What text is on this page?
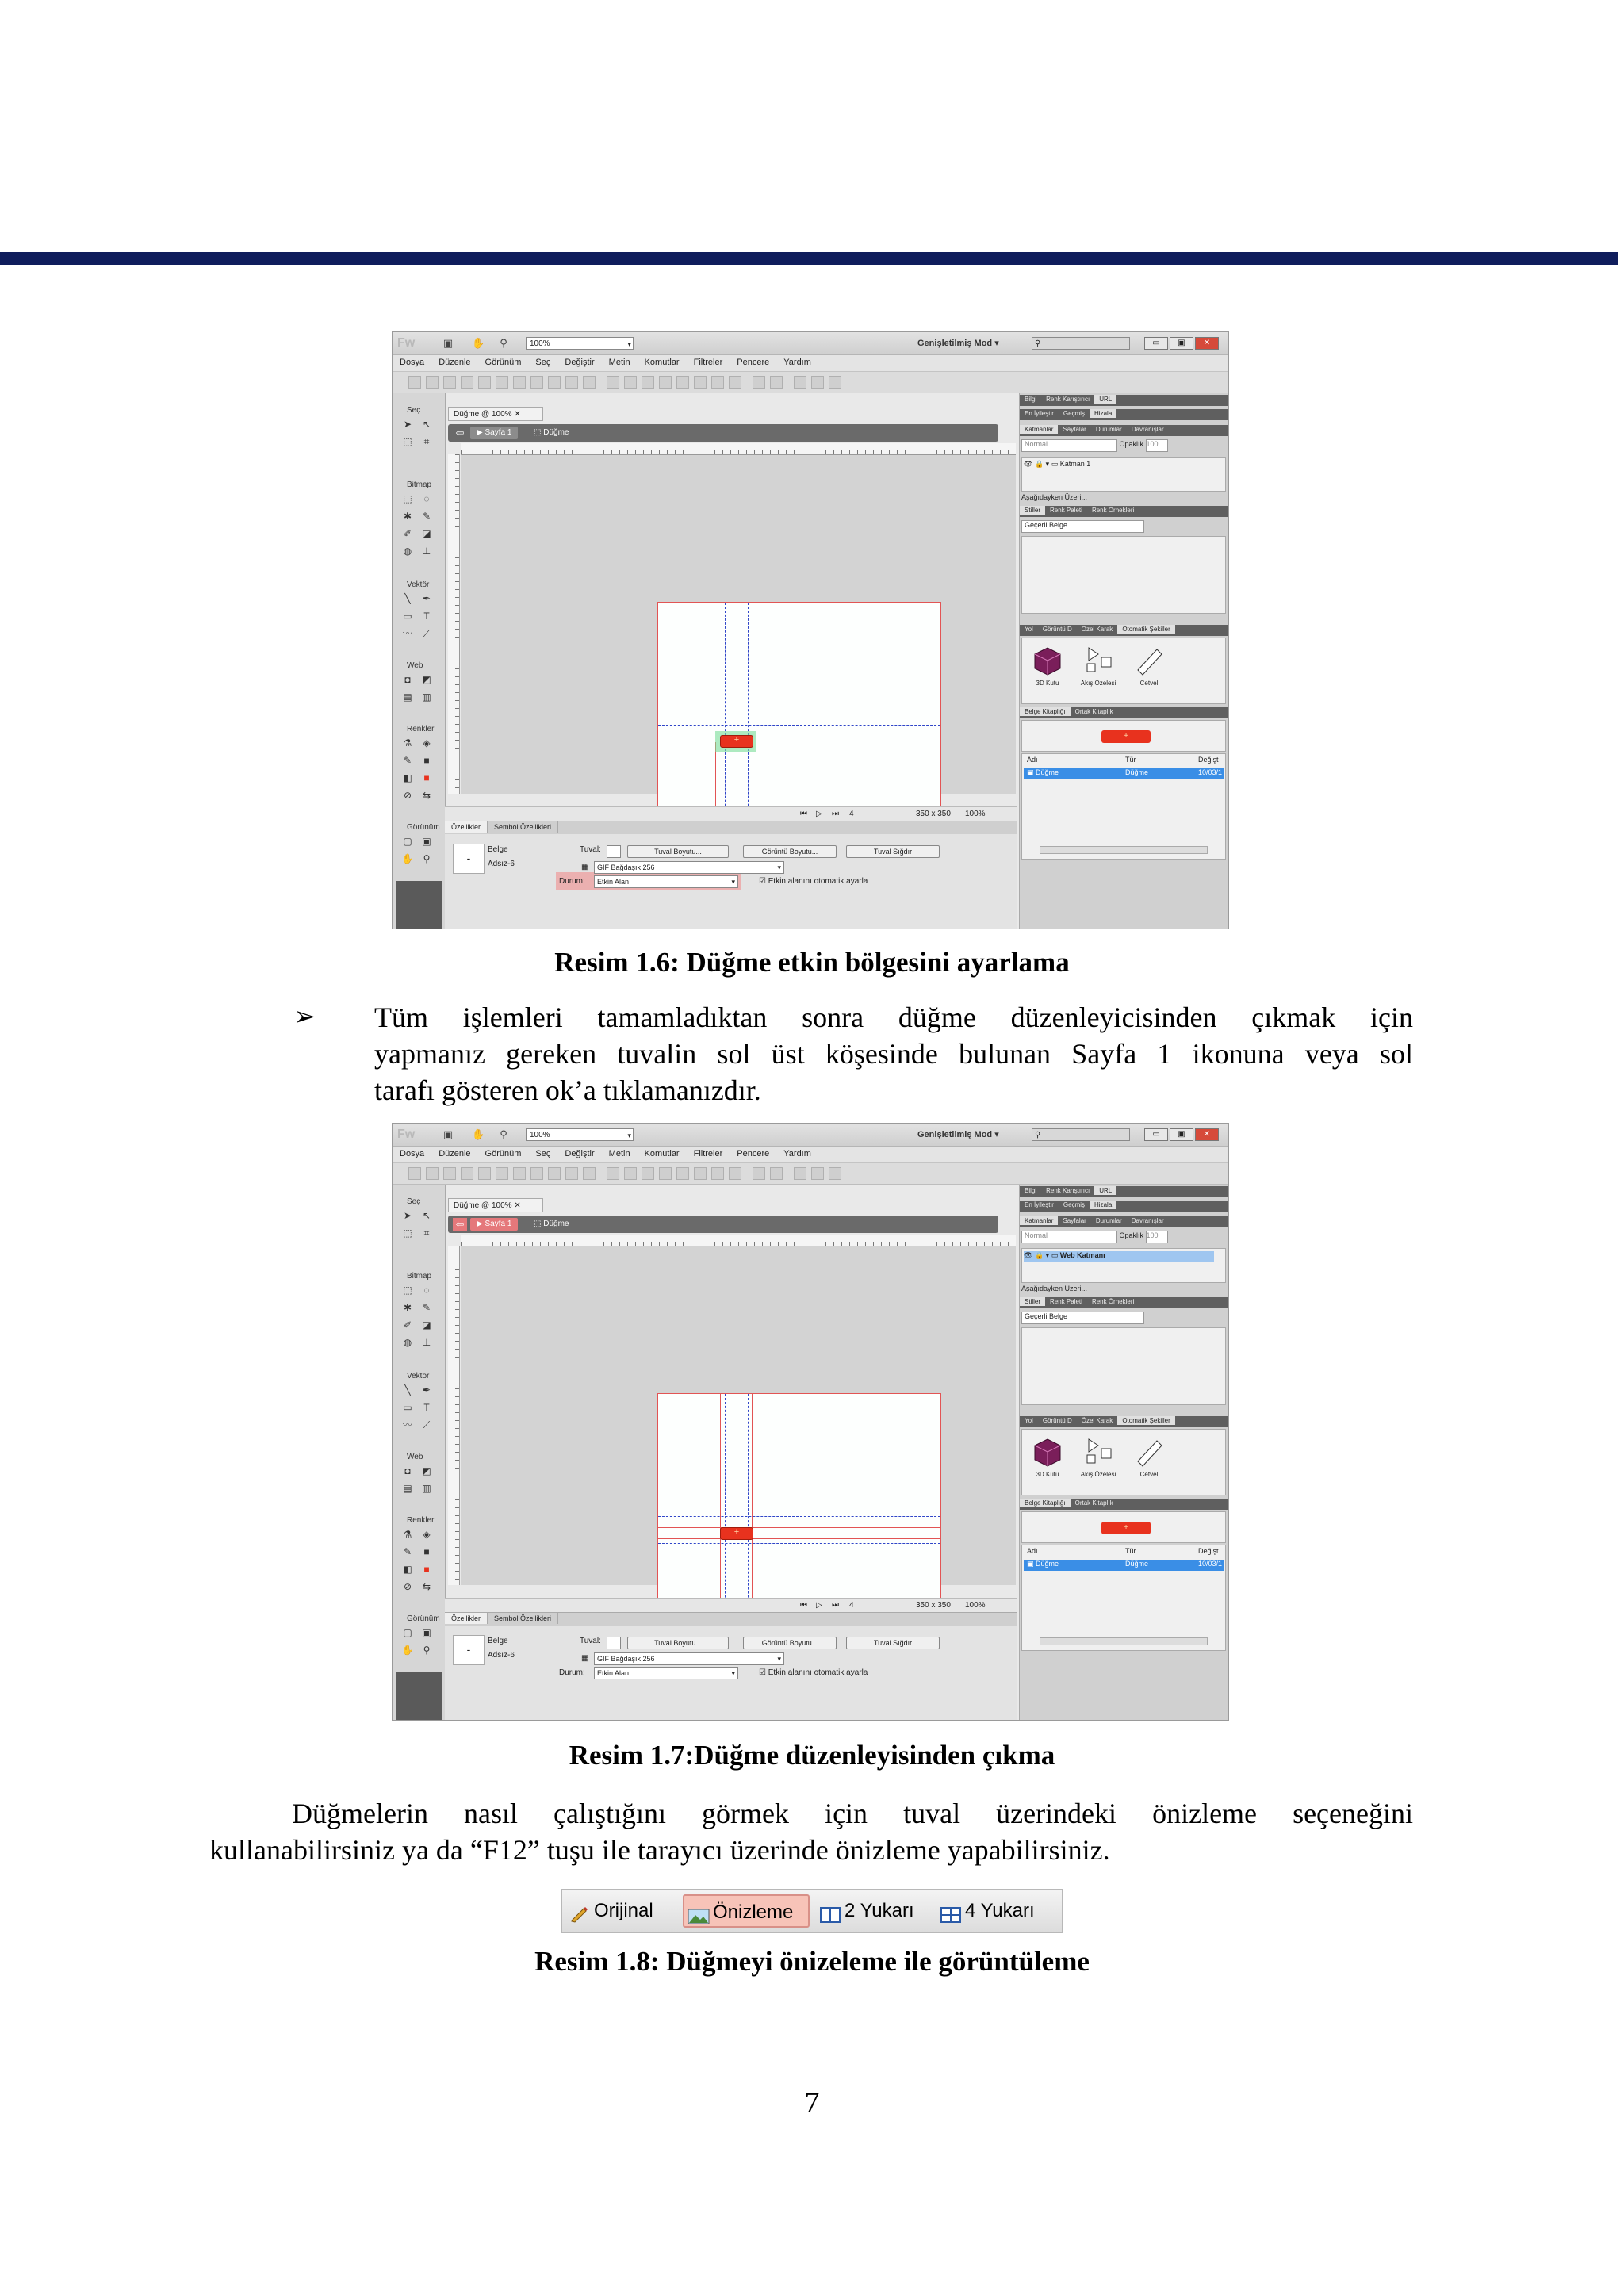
Fw	▣ ✋ ⚲	100%	▾	Genişletilmiş Mod ▾	⚲	▭	▣	✕
Dosya Düzenle Görünüm Seç Değiştir Metin Komutlar Filtreler Pencere Yardım
Seç
➤	↖
⬚	⌗
Bitmap
⬚	◌
✱	✎
✐	◪
◍	⊥
Vektör
╲	✒
▭	T
〰	⟋
Web
◘	◩
▤ ▥
Renkler
⚗	◈
✎	■
◧	■
⊘	⇆
Görünüm
▢ ▣
✋	⚲
Düğme @ 100% ✕
⇦	▶ Sayfa 1	⬚ Düğme
+
⏮ ▷ ⏭ 4	350 x 350 100%
Özellikler Sembol Özellikleri
-
Belge
Adsız-6
Tuval:	Tuval Boyutu...	Görüntü Boyutu...	Tuval Sığdır
▦	GIF Bağdaşık 256 ▾
Durum:	Etkin Alan ▾	☑ Etkin alanını otomatik ayarla
Bilgi Renk Karıştırıcı URL
En İyileştir Geçmiş Hizala
Katmanlar Sayfalar Durumlar Davranışlar
Normal	Opaklık 100
👁 🔒 ▾ ▭ Katman 1
Aşağıdayken Üzeri...
Stiller Renk Paleti Renk Örnekleri
Geçerli Belge
Yol Görüntü D Özel Karak Otomatik Şekiller
3D Kutu	Akış Özelesi	Cetvel
Belge Kitaplığı Ortak Kitaplık
+
Adı	Tür	Değişt
▣ Düğme	Düğme	10/03/1
Resim 1.6: Düğme etkin bölgesini ayarlama
➢ Tüm işlemleri tamamladıktan sonra düğme düzenleyicisinden çıkmak için
yapmanız gereken tuvalin sol üst köşesinde bulunan Sayfa 1 ikonuna veya sol
tarafı gösteren ok’a tıklamanızdır.
Fw	▣ ✋ ⚲	100%	▾	Genişletilmiş Mod ▾	⚲	▭	▣	✕
Dosya Düzenle Görünüm Seç Değiştir Metin Komutlar Filtreler Pencere Yardım
Seç
➤	↖
⬚	⌗
Bitmap
⬚	◌
✱	✎
✐	◪
◍	⊥
Vektör
╲	✒
▭	T
〰	⟋
Web
◘	◩
▤ ▥
Renkler
⚗	◈
✎	■
◧	■
⊘	⇆
Görünüm
▢ ▣
✋	⚲
Düğme @ 100% ✕
⇦	▶ Sayfa 1	⬚ Düğme
+
⏮ ▷ ⏭ 4	350 x 350 100%
Özellikler Sembol Özellikleri
-
Belge
Adsız-6
Tuval:	Tuval Boyutu...	Görüntü Boyutu...	Tuval Sığdır
▦	GIF Bağdaşık 256 ▾
Durum:	Etkin Alan ▾	☑ Etkin alanını otomatik ayarla
Bilgi Renk Karıştırıcı URL
En İyileştir Geçmiş Hizala
Katmanlar Sayfalar Durumlar Davranışlar
Normal	Opaklık 100
👁 🔒 ▾ ▭ Web Katmanı
Aşağıdayken Üzeri...
Stiller Renk Paleti Renk Örnekleri
Geçerli Belge
Yol Görüntü D Özel Karak Otomatik Şekiller
3D Kutu	Akış Özelesi	Cetvel
Belge Kitaplığı Ortak Kitaplık
+
Adı	Tür	Değişt
▣ Düğme	Düğme	10/03/1
Resim 1.7:Düğme düzenleyisinden çıkma
Düğmelerin nasıl çalıştığını görmek için tuval üzerindeki önizleme seçeneğini
kullanabilirsiniz ya da “F12” tuşu ile tarayıcı üzerinde önizleme yapabilirsiniz.
Orijinal	Önizleme	2 Yukarı	4 Yukarı
Resim 1.8: Düğmeyi önizeleme ile görüntüleme
7
